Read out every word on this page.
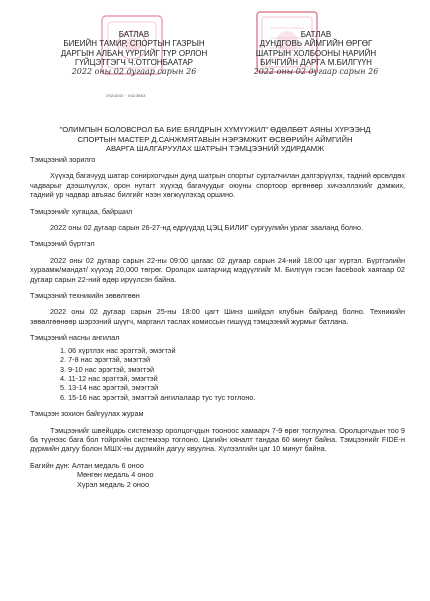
БАТЛАВ
БИЕИЙН ТАМИР, СПОРТЫН ГАЗРЫН
ДАРГЫН АЛБАН ҮҮРГИЙГ ТҮР ОРЛОН
ГҮЙЦЭТГЭГЧ Ч.ОТГОНБААТАР
2022 оны 02 дугаар сарын 26
2924002 · 0023863
БАТЛАВ
ДУНДГОВЬ АЙМГИЙН ӨРГӨГ
ШАТРЫН ХОЛБООНЫ НАРИЙН
БИЧГИЙН ДАРГА М.БИЛГҮҮН
2022 оны 02 дугаар сарын 26
"ОЛИМПЫН БОЛОВСРОЛ БА БИЕ БЯЛДРЫН ХҮМҮҮЖИЛ" ӨДӨЛБӨТ АЯНЫ ХҮРЭЭНД
СПОРТЫН МАСТЕР Д.САНЖМЯТАВЫН НЭРЭМЖИТ ӨСВӨРИЙН АЙМГИЙН
АВАРГА ШАЛГАРУУЛАХ ШАТРЫН ТЭМЦЭЭНИЙ УДИРДАМЖ
Тэмцээний зорилго

Хүүхэд багачууд шатар сонирхогчдын дунд шатрын спортыг сурталчилан дэлгэрүүлэх, тадний өрсөлдөх чадварыг дээшлүүлэх, орон нутагт хүүхэд багачуудыг оюуны спортоор өргөнөөр хичээллэхийг дэмжих, тадний ур чадвар авъяас билгийг нээн хөгжүүлэхэд оршино.

Тэмцээнийг хугацаа, байршил

2022 оны 02 дугаар сарын 26-27-нд едрүүдэд ЦЭЦ БИЛИГ сургуулийн урлаг заалан​д болно.

Тэмцээний бүртгэл

2022 оны 02 дугаар сарын 22-ны 09:00 цагаас 02 дугаар сарын 24-ний 18:00 цаг хүртэл. Бүртгэлийн хураамж/мандат/ хүүхэд 20,000 төгрөг. Оролцох шатарчид мэдүүлгийг М. Билгүүн гэсэн facebook хаягаар 02 дугаар сарын 22-ний өдөр ирүүлсэн байна.

Тэмцээний техникийн зөвөлгөөн

2022 оны 02 дугаар сарын 25-ны 18:00 цагт Шинэ шийдэл клубын байранд болно. Техникийн зөвөлгөөнөөр шэрэзний шүүгч, марганл таслах комиссын гишүүд тэмцээний журмыг батлана.

Тэмцээний насны ангилал

1. 06 хүртлэх нас эрэгтэй, эмэгтэй

2. 7-8 нас эрэгтэй, эмэгтэй

3. 9-10 нас эрэгтэй, эмэгтэй

4. 11-12 нас эрэгтэй, эмэгтэй

5. 13-14 нас эрэгтэй, эмэгтэй

6. 15-16 нас эрэгтэй, эмэгтэй ангилалаар тус тус тоглоно.

Тэмцээн зохион байгуулах журам

Тэмцээнийг швейцарь системээр оролцогчдын тооноос хамаарч 7-9 өрөг тоглуулна. Оролцогчдын тоо 9 ба түүнээс бага бол тойргийн системээр тоглоно. Цагийн хяналт тандаа 60 минут байна. Тэмцээнийг FIDE-н дүрмийн дагуу болон МШХ-ны дүрмийн дагуу явуулна. Хүлээлгийн цаг 10 минут байна.

Багийн дүн: Алтан медаль 6 оноо
Мөнгөн медаль 4 оноо
Хүрэл медаль 2 оноо
